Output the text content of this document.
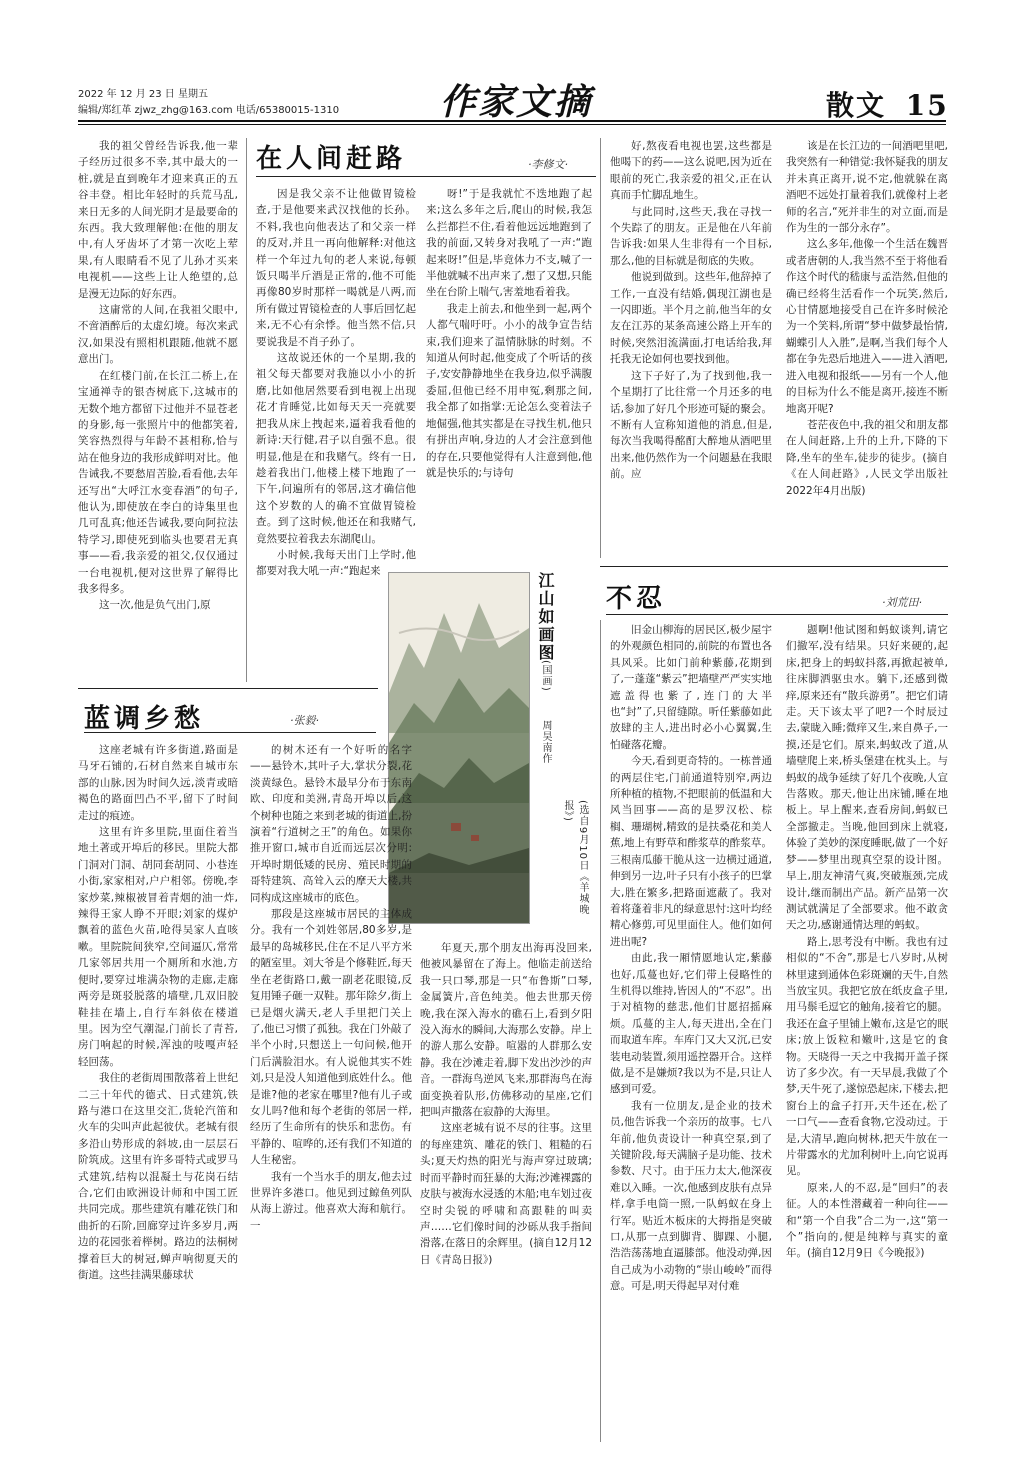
2022 年 12 月 23 日 星期五
编辑/郑红革 zjwz_zhg@163.com 电话/65380015-1310	作家文摘	散文 15

我的祖父曾经告诉我,他一辈子经历过很多不幸,其中最大的一桩,就是直到晚年才迎来真正的五谷丰登。相比年轻时的兵荒马乱,来日无多的人间光阴才是最要命的东西。我大致理解他:在他的朋友中,有人牙齿坏了才第一次吃上荤果,有人眼睛看不见了儿孙才买来电视机——这些上让人绝望的,总是漫无边际的好东西。

这庸常的人间,在我祖父眼中,不啻酒醉后的太虚幻境。每次来武汉,如果没有照相机跟随,他就不愿意出门。

在红楼门前,在长江二桥上,在宝通禅寺的银杏树底下,这城市的无数个地方都留下过他并不显苍老的身影,每一张照片中的他都笑着,笑容热烈得与年龄不甚相称,恰与站在他身边的我形成鲜明对比。他告诫我,不要愁眉苦脸,看看他,去年还写出“大呼江水变春酒”的句子,他认为,即使放在李白的诗集里也几可乱真;他还告诫我,要向阿拉法特学习,即使死到临头也要君无真事——看,我亲爱的祖父,仅仅通过一台电视机,便对这世界了解得比我多得多。

这一次,他是负气出门,原

在人间赶路	·李修文·

因是我父亲不让他做胃镜检查,于是他要来武汉找他的长孙。不料,我也向他表达了和父亲一样的反对,并且一再向他解释:对他这样一个年过九旬的老人来说,每顿饭只喝半斤酒是正常的,他不可能再像80岁时那样一喝就是八两,而所有做过胃镜检查的人事后回忆起来,无不心有余悸。他当然不信,只要说我是不肖子孙了。

这故说还休的一个星期,我的祖父每天都要对我施以小小的折磨,比如他居然要看到电视上出现花才肯睡觉,比如每天天一亮就要把我从床上拽起来,逼着我看他的新诗:天行健,君子以自强不息。很明显,他是在和我赌气。终有一日,趁着我出门,他楼上楼下地跑了一下午,问遍所有的邻居,这才确信他这个岁数的人的确不宜做胃镜检查。到了这时候,他还在和我赌气,竟然要拉着我去东湖爬山。

小时候,我每天出门上学时,他都要对我大吼一声:“跑起来

呀!”于是我就忙不迭地跑了起来;这么多年之后,爬山的时候,我怎么拦都拦不住,看着他远远地跑到了我的前面,又转身对我吼了一声:“跑起来呀!”但是,毕竟体力不支,喊了一半他就喊不出声来了,想了又想,只能坐在台阶上喘气,害羞地看着我。

我走上前去,和他坐到一起,两个人都气喘吁吁。小小的战争宣告结束,我们迎来了温情脉脉的时刻。不知道从何时起,他变成了个听话的孩子,安安静静地坐在我身边,似乎满腹委屈,但他已经不用申冤,剩那之间,我全都了如指掌:无论怎么变着法子地倔强,他其实都是在寻找生机,他只有拼出声响,身边的人才会注意到他的存在,只要他觉得有人注意到他,他就是快乐的;与诗句

好,熬夜看电视也罢,这些都是他喝下的药——这么说吧,因为近在眼前的死亡,我亲爱的祖父,正在认真而手忙脚乱地生。

与此同时,这些天,我在寻找一个失踪了的朋友。正是他在八年前告诉我:如果人生非得有一个目标,那么,他的目标就是彻底的失败。

他说到做到。这些年,他辞掉了工作,一直没有结婚,偶现江湖也是一闪即逝。半个月之前,他当年的女友在江苏的某条高速公路上开车的时候,突然泪流满面,打电话给我,拜托我无论如何也要找到他。

这下子好了,为了找到他,我一个星期打了比往常一个月还多的电话,参加了好几个形迹可疑的聚会。不断有人宣称知道他的消息,但是,每次当我喝得酩酊大醉地从酒吧里出来,他仍然作为一个问题悬在我眼前。应

该是在长江边的一间酒吧里吧,我突然有一种错觉:我怀疑我的朋友并未真正离开,说不定,他就躲在离酒吧不远处打量着我们,就像村上老师的名言,“死并非生的对立面,而是作为生的一部分永存”。

这么多年,他像一个生活在魏晋或者唐朝的人,我当然不至于将他看作这个时代的嵇康与孟浩然,但他的确已经将生活看作一个玩笑,然后,心甘情愿地接受自己在许多时候沦为一个笑料,所谓“梦中做梦最怡情,蝴蝶引人入胜”,是啊,当我们每个人都在争先恐后地进入——进入酒吧,进入电视和报纸——另有一个人,他的目标为什么不能是离开,接连不断地离开呢?

苍茫夜色中,我的祖父和朋友都在人间赶路,上升的上升,下降的下降,坐车的坐车,徒步的徒步。(摘自《在人间赶路》,人民文学出版社2022年4月出版)

江山如画图
(国画)
周昊南作
(选自9月10日《羊城晚报》)
不忍	·刘荒田·
蓝调乡愁	·张毅·

这座老城有许多街道,路面是马牙石铺的,石材自然来自城市东部的山脉,因为时间久远,淡青或暗褐色的路面凹凸不平,留下了时间走过的痕迹。

这里有许多里院,里面住着当地土著或开埠后的移民。里院大都门洞对门洞、胡同套胡同、小巷连小街,家家相对,户户相邻。傍晚,李家炒菜,辣椒被冒着青烟的油一炸,辣得王家人睁不开眼;刘家的煤炉飘着的蓝色火苗,呛得吴家人直咳嗽。里院院间狭窄,空间逼仄,常常几家邻居共用一个厕所和水池,方便时,要穿过堆满杂物的走廊,走廊两旁是斑驳脱落的墙壁,几双旧胶鞋挂在墙上,自行车斜依在楼道里。因为空气潮湿,门前长了青苔,房门响起的时候,浑浊的吱嘎声轻轻回荡。

我住的老街周围散落着上世纪二三十年代的德式、日式建筑,铁路与港口在这里交汇,货轮汽笛和火车的尖叫声此起彼伏。老城有很多沿山势形成的斜坡,由一层层石阶筑成。这里有许多哥特式或罗马式建筑,结构以混凝土与花岗石结合,它们由欧洲设计师和中国工匠共同完成。那些建筑有雕花铁门和曲折的石阶,回廊穿过许多岁月,两边的花园张着榉树。路边的法桐树撑着巨大的树冠,蝉声响彻夏天的街道。这些挂满果藤球状

的树木还有一个好听的名字——悬铃木,其叶子大,掌状分裂,花淡黄绿色。悬铃木最早分布于东南欧、印度和美洲,青岛开埠以后,这个树种也随之来到老城的街道上,扮演着“行道树之王”的角色。如果你推开窗口,城市自近而远层次分明:开埠时期低矮的民房、殖民时期的哥特建筑、高耸入云的摩天大楼,共同构成这座城市的底色。

那段是这座城市居民的主体成分。我有一个刘姓邻居,80多岁,是最早的岛城移民,住在不足八平方米的陋室里。刘大爷是个修鞋匠,每天坐在老街路口,戴一副老花眼镜,反复用锤子砸一双鞋。那年除夕,街上已是烟火满天,老人手里把门关上了,他已习惯了孤独。我在门外敲了半个小时,只想送上一句问候,他开门后满脸泪水。有人说他其实不姓刘,只是没人知道他到底姓什么。他是谁?他的老家在哪里?他有儿子或女儿吗?他和每个老街的邻居一样,经历了生命所有的快乐和悲伤。有平静的、喧哗的,还有我们不知道的人生秘密。

我有一个当水手的朋友,他去过世界许多港口。他见到过鲸鱼列队从海上游过。他喜欢大海和航行。一

年夏天,那个朋友出海再没回来,他被风暴留在了海上。他临走前送给我一只口琴,那是一只“布鲁斯”口琴,金属簧片,音色纯美。他去世那天傍晚,我在深入海水的礁石上,看到夕阳没入海水的瞬间,大海那么安静。岸上的游人那么安静。喧嚣的人群那么安静。我在沙滩走着,脚下发出沙沙的声音。一群海鸟逆风飞来,那群海鸟在海面变换着队形,仿佛移动的星座,它们把叫声撒落在寂静的大海里。

这座老城有说不尽的往事。这里的每座建筑、雕花的铁门、粗糙的石头;夏天灼热的阳光与海声穿过玻璃;时而平静时而狂暴的大海;沙滩裸露的皮肤与被海水浸透的木船;电车划过夜空时尖锐的呼啸和高跟鞋的叫卖声……它们像时间的沙砾从我手指间滑落,在落日的余辉里。(摘自12月12日《青岛日报》)

旧金山柳海的居民区,极少屋宇的外观颜色相同的,前院的布置也各具风采。比如门前种紫藤,花期到了,一蓬蓬“紫云”把墙壁严严实实地遮盖得也紫了,连门的大半也“封”了,只留缝隙。听任紫藤如此放肆的主人,进出时必小心翼翼,生怕碰落花瓣。

今天,看到更奇特的。一栋普通的两层住宅,门前通道特别窄,两边所种植的植物,不把眼前的低温和大风当回事——高的是罗汉松、棕榈、珊瑚树,精致的是扶桑花和美人蕉,地上有野草和酢浆草的酢浆草。三根南瓜藤干脆从这一边横过通道,伸到另一边,叶子只有小孩子的巴掌大,胜在繁多,把路面遮蔽了。我对着将蓬着非凡的绿意思忖:这叶均经精心修剪,可见里面住人。他们如何进出呢?

由此,我一厢情愿地认定,紫藤也好,瓜蔓也好,它们带上侵略性的生机得以维持,皆因人的“不忍”。出于对植物的慈悲,他们甘愿招摇麻烦。瓜蔓的主人,每天进出,全在门而取道车库。车库门又大又沉,已安装电动装置,须用遥控器开合。这样做,是不是嫌烦?我以为不是,只让人感到可爱。

我有一位朋友,是企业的技术员,他告诉我一个亲历的故事。七八年前,他负责设计一种真空泵,到了关键阶段,每天满脑子是功能、技术参数、尺寸。由于压力太大,他深夜难以入睡。一次,他感到皮肤有点异样,拿手电筒一照,一队蚂蚁在身上行军。贴近木板床的大拇指是突破口,从那一点到脚背、脚踝、小腿,浩浩荡荡地直逼膝部。他没动弹,因自己成为小动物的“崇山峻岭”而得意。可是,明天得起早对付难

题啊!他试图和蚂蚁谈判,请它们撤军,没有结果。只好来硬的,起床,把身上的蚂蚁抖落,再掀起被单,往床脚洒驱虫水。躺下,还感到微痒,原来还有“散兵游勇”。把它们请走。天下该太平了吧?一个时辰过去,蒙眬入睡;微痒又生,来自鼻子,一摸,还是它们。原来,蚂蚁改了道,从墙壁爬上来,桥头堡建在枕头上。与蚂蚁的战争延续了好几个夜晚,人宣告落败。那天,他让出床铺,睡在地板上。早上醒来,查看房间,蚂蚁已全部撤走。当晚,他回到床上就寝,体验了美妙的深度睡眠,做了一个好梦——梦里出现真空泵的设计图。早上,朋友神清气爽,突破瓶颈,完成设计,继而制出产品。新产品第一次测试就满足了全部要求。他不敢贪天之功,感谢通情达理的蚂蚁。

路上,思考没有中断。我也有过相似的“不舍”,那是七八岁时,从树林里逮到通体色彩斑斓的天牛,自然当放宝贝。我把它放在纸皮盒子里,用马鬃毛逗它的触角,接着它的腿。我还在盒子里铺上嫩布,这是它的眠床;放上饭粒和嫩叶,这是它的食物。天晓得一天之中我揭开盖子探访了多少次。有一天早晨,我做了个梦,天牛死了,遂惊恐起床,下楼去,把窗台上的盒子打开,天牛还在,松了一口气——查看食物,它没动过。于是,大清早,跑向树林,把天牛放在一片带露水的尤加利树叶上,向它说再见。

原来,人的不忍,是“回归”的表征。人的本性潜藏着一种向往——和“第一个自我”合二为一,这“第一个”指向的,便是纯粹与真实的童年。(摘自12月9日《今晚报》)
